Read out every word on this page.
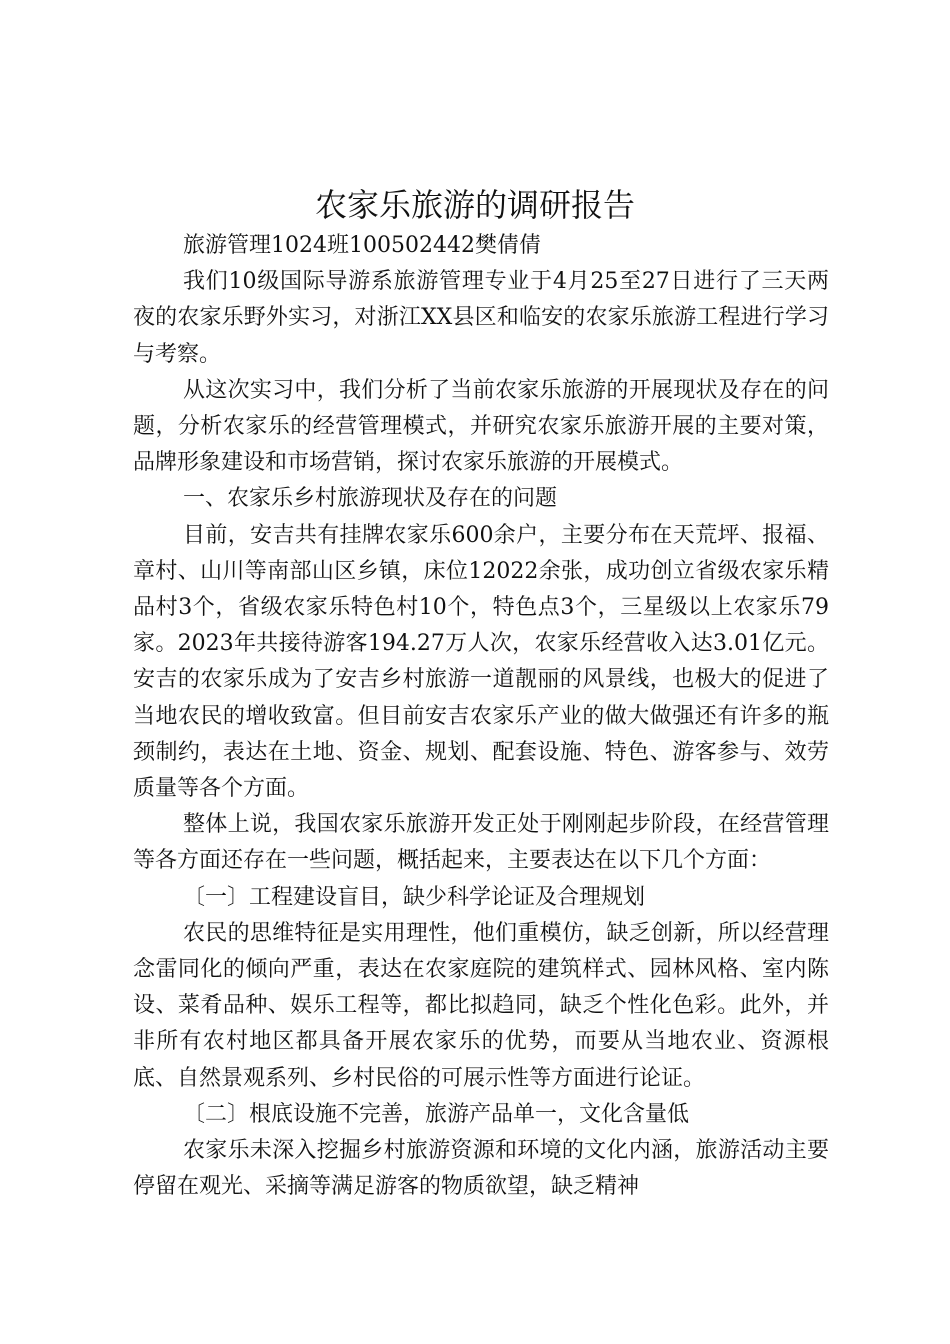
农家乐旅游的调研报告

旅游管理1024班100502442樊倩倩

我们10级国际导游系旅游管理专业于4月25至27日进行了三天两夜的农家乐野外实习，对浙江XX县区和临安的农家乐旅游工程进行学习与考察。

从这次实习中，我们分析了当前农家乐旅游的开展现状及存在的问题，分析农家乐的经营管理模式，并研究农家乐旅游开展的主要对策，品牌形象建设和市场营销，探讨农家乐旅游的开展模式。

一、农家乐乡村旅游现状及存在的问题

目前，安吉共有挂牌农家乐600余户，主要分布在天荒坪、报福、章村、山川等南部山区乡镇，床位12022余张，成功创立省级农家乐精品村3个，省级农家乐特色村10个，特色点3个，三星级以上农家乐79家。2023年共接待游客194.27万人次，农家乐经营收入达3.01亿元。安吉的农家乐成为了安吉乡村旅游一道靓丽的风景线，也极大的促进了当地农民的增收致富。但目前安吉农家乐产业的做大做强还有许多的瓶颈制约，表达在土地、资金、规划、配套设施、特色、游客参与、效劳质量等各个方面。

整体上说，我国农家乐旅游开发正处于刚刚起步阶段，在经营管理等各方面还存在一些问题，概括起来，主要表达在以下几个方面：

〔一〕工程建设盲目，缺少科学论证及合理规划

农民的思维特征是实用理性，他们重模仿，缺乏创新，所以经营理念雷同化的倾向严重，表达在农家庭院的建筑样式、园林风格、室内陈设、菜肴品种、娱乐工程等，都比拟趋同，缺乏个性化色彩。此外，并非所有农村地区都具备开展农家乐的优势，而要从当地农业、资源根底、自然景观系列、乡村民俗的可展示性等方面进行论证。

〔二〕根底设施不完善，旅游产品单一，文化含量低

农家乐未深入挖掘乡村旅游资源和环境的文化内涵，旅游活动主要停留在观光、采摘等满足游客的物质欲望，缺乏精神
